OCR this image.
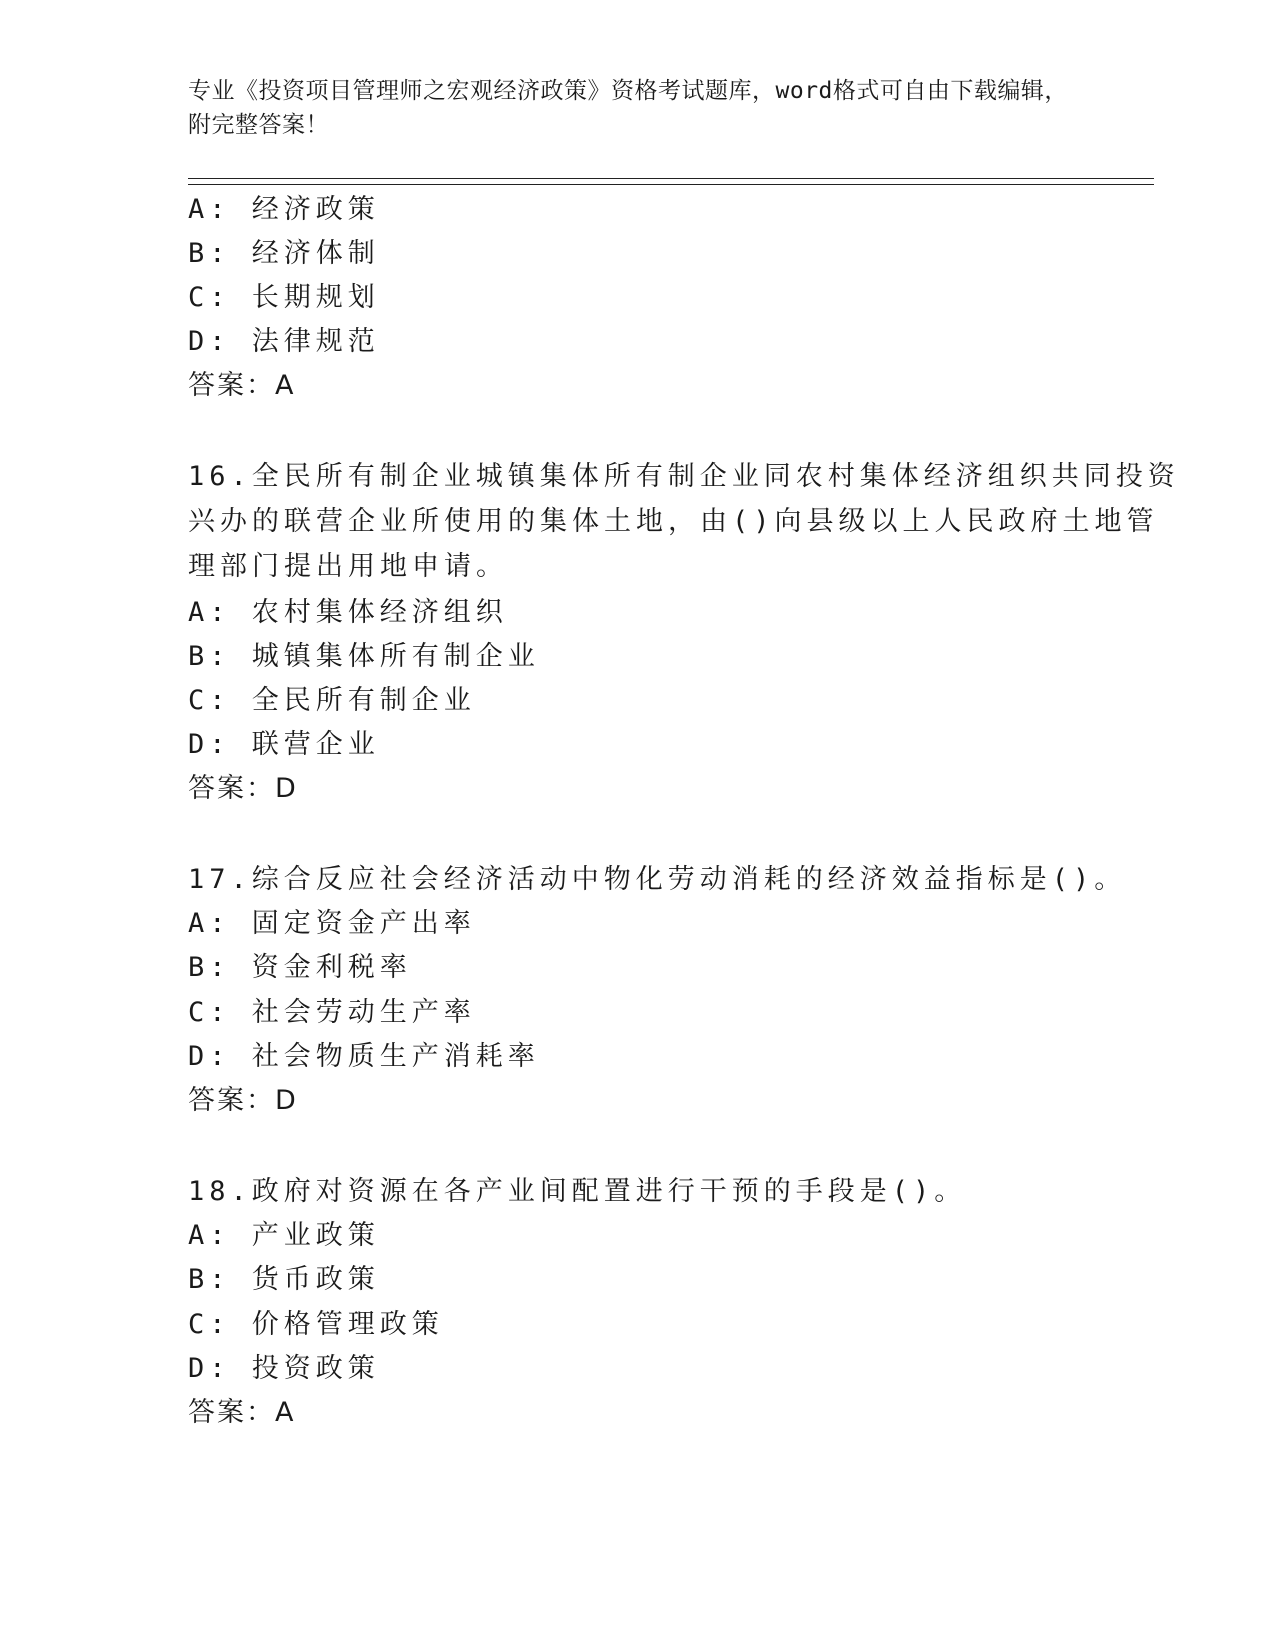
专业《投资项目管理师之宏观经济政策》资格考试题库，word格式可自由下载编辑，附完整答案！
A: 经济政策
B: 经济体制
C: 长期规划
D: 法律规范
答案：A
16.全民所有制企业城镇集体所有制企业同农村集体经济组织共同投资
兴办的联营企业所使用的集体土地，由()向县级以上人民政府土地管
理部门提出用地申请。
A: 农村集体经济组织
B: 城镇集体所有制企业
C: 全民所有制企业
D: 联营企业
答案：D
17.综合反应社会经济活动中物化劳动消耗的经济效益指标是()。
A: 固定资金产出率
B: 资金利税率
C: 社会劳动生产率
D: 社会物质生产消耗率
答案：D
18.政府对资源在各产业间配置进行干预的手段是()。
A: 产业政策
B: 货币政策
C: 价格管理政策
D: 投资政策
答案：A
